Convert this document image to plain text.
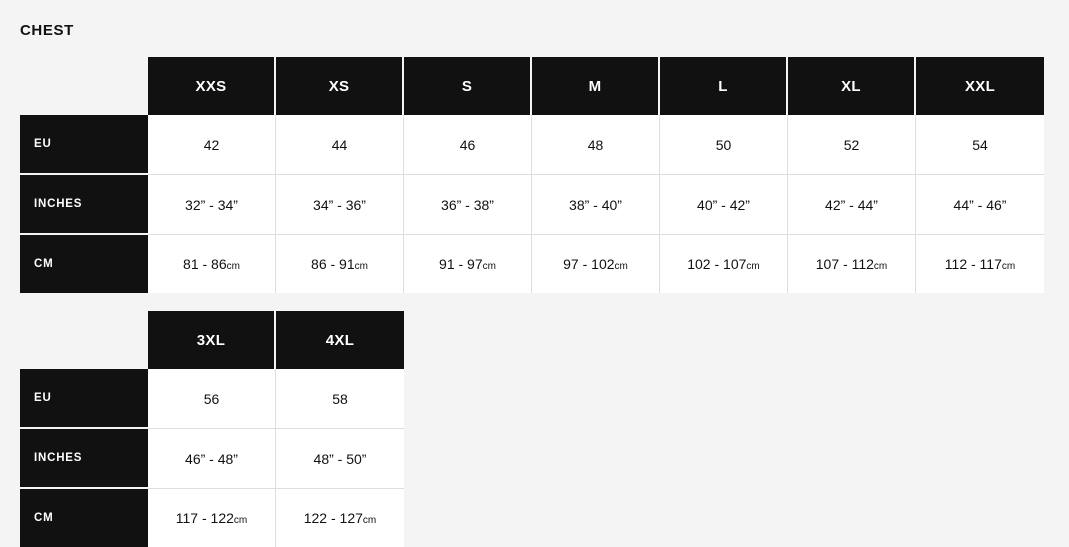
CHEST
	XXS	XS	S	M	L	XL	XXL
EU	42	44	46	48	50	52	54
INCHES	32” - 34”	34” - 36”	36” - 38”	38” - 40”	40” - 42”	42” - 44”	44” - 46”
CM	81 - 86cm	86 - 91cm	91 - 97cm	97 - 102cm	102 - 107cm	107 - 112cm	112 - 117cm
	3XL	4XL
EU	56	58
INCHES	46” - 48”	48” - 50”
CM	117 - 122cm	122 - 127cm
